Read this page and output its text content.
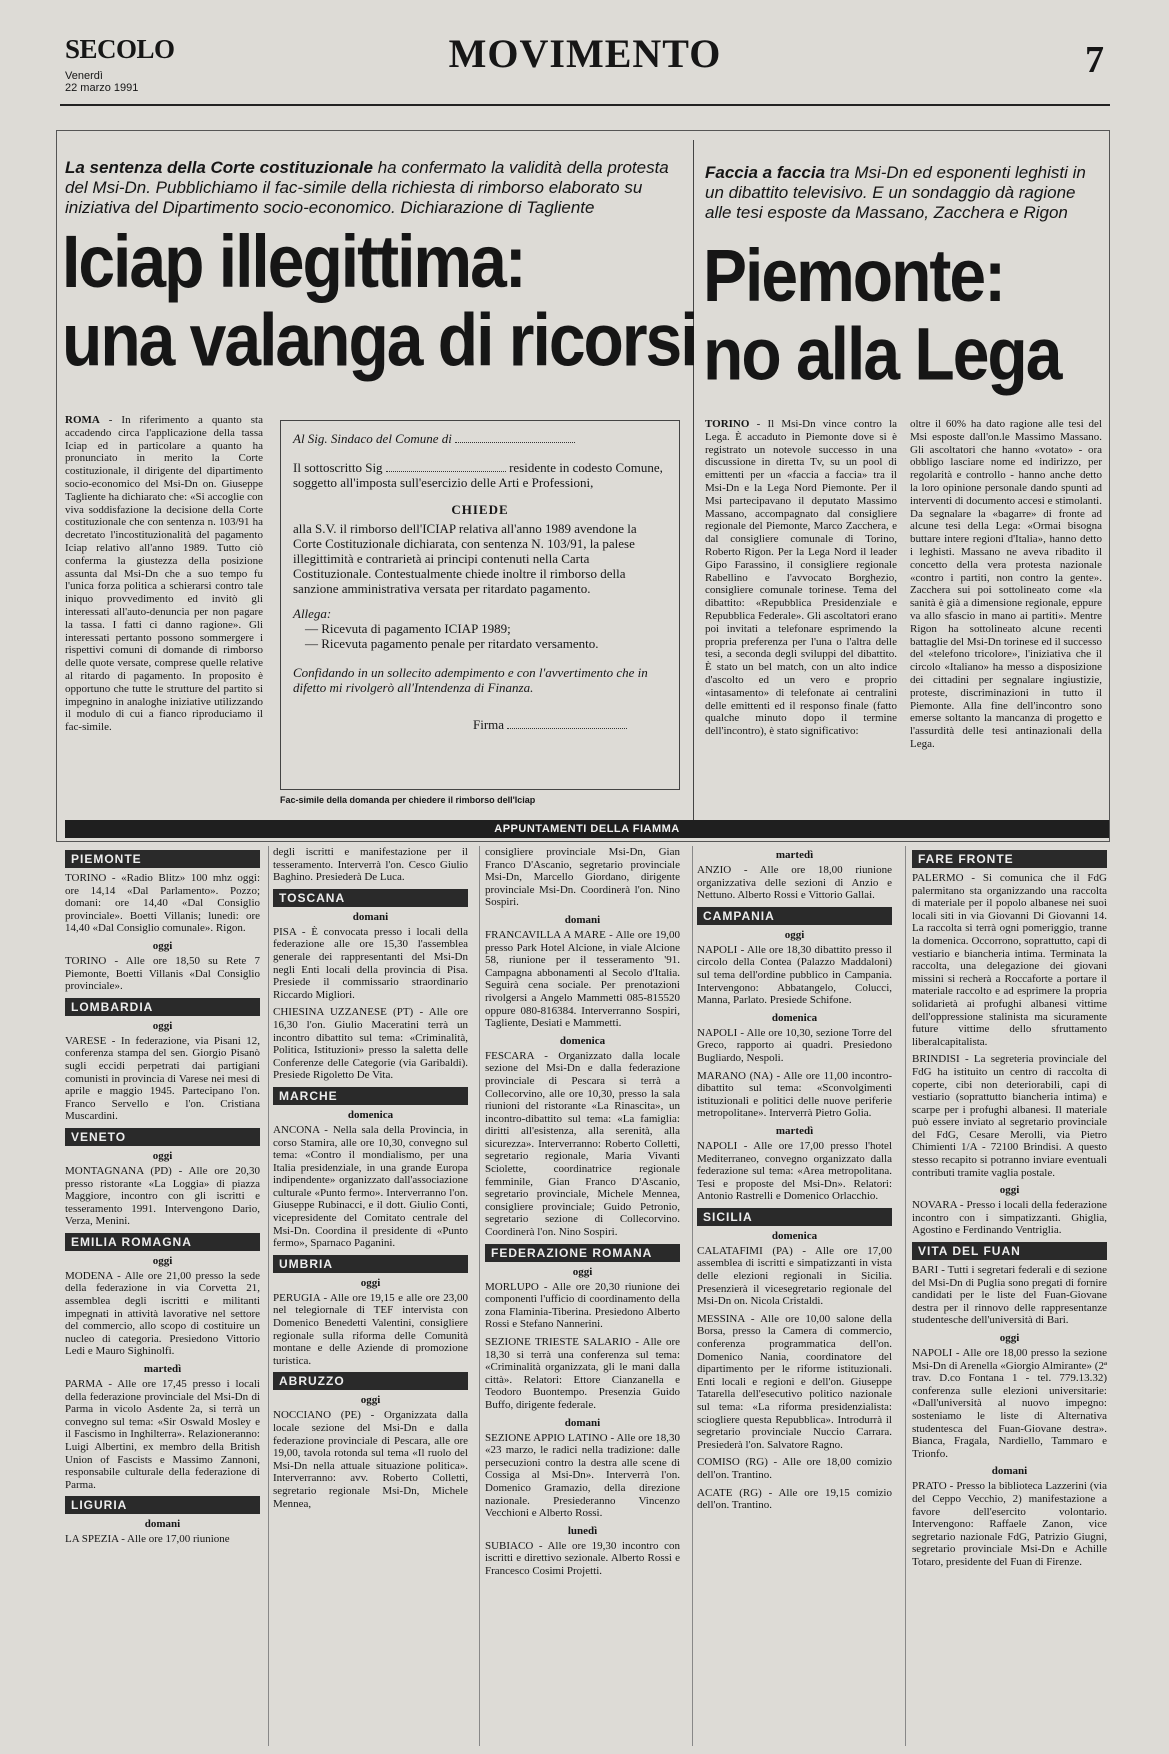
SECOLO
Venerdì
22 marzo 1991
MOVIMENTO	7
La sentenza della Corte costituzionale ha confermato la validità della protesta del Msi-Dn. Pubblichiamo il fac-simile della richiesta di rimborso elaborato su iniziativa del Dipartimento socio-economico. Dichiarazione di Tagliente
Iciap illegittima:
una valanga di ricorsi
ROMA - In riferimento a quanto sta accadendo circa l'applicazione della tassa Iciap ed in particolare a quanto ha pronunciato in merito la Corte costituzionale, il dirigente del dipartimento socio-economico del Msi-Dn on. Giuseppe Tagliente ha dichiarato che: «Si accoglie con viva soddisfazione la decisione della Corte costituzionale che con sentenza n. 103/91 ha decretato l'incostituzionalità del pagamento Iciap relativo all'anno 1989. Tutto ciò conferma la giustezza della posizione assunta dal Msi-Dn che a suo tempo fu l'unica forza politica a schierarsi contro tale iniquo provvedimento ed invitò gli interessati all'auto-denuncia per non pagare la tassa. I fatti ci danno ragione». Gli interessati pertanto possono sommergere i rispettivi comuni di domande di rimborso delle quote versate, comprese quelle relative al ritardo di pagamento. In proposito è opportuno che tutte le strutture del partito si impegnino in analoghe iniziative utilizzando il modulo di cui a fianco riproduciamo il fac-simile.
Al Sig. Sindaco del Comune di
Il sottoscritto Sig	residente in codesto Comune, soggetto all'imposta sull'esercizio delle Arti e Professioni,
CHIEDE
alla S.V. il rimborso dell'ICIAP relativa all'anno 1989 avendone la Corte Costituzionale dichiarata, con sentenza N. 103/91, la palese illegittimità e contrarietà ai principi contenuti nella Carta Costituzionale. Contestualmente chiede inoltre il rimborso della sanzione amministrativa versata per ritardato pagamento.
Allega:
— Ricevuta di pagamento ICIAP 1989;
— Ricevuta pagamento penale per ritardato versamento.
Confidando in un sollecito adempimento e con l'avvertimento che in difetto mi rivolgerò all'Intendenza di Finanza.
Firma
Fac-simile della domanda per chiedere il rimborso dell'Iciap
Faccia a faccia tra Msi-Dn ed esponenti leghisti in un dibattito televisivo. E un sondaggio dà ragione alle tesi esposte da Massano, Zacchera e Rigon
Piemonte:
no alla Lega
TORINO - Il Msi-Dn vince contro la Lega. È accaduto in Piemonte dove si è registrato un notevole successo in una discussione in diretta Tv, su un pool di emittenti per un «faccia a faccia» tra il Msi-Dn e la Lega Nord Piemonte. Per il Msi partecipavano il deputato Massimo Massano, accompagnato dal consigliere regionale del Piemonte, Marco Zacchera, e dal consigliere comunale di Torino, Roberto Rigon. Per la Lega Nord il leader Gipo Farassino, il consigliere regionale Rabellino e l'avvocato Borghezio, consigliere comunale torinese. Tema del dibattito: «Repubblica Presidenziale e Repubblica Federale». Gli ascoltatori erano poi invitati a telefonare esprimendo la propria preferenza per l'una o l'altra delle tesi, a seconda degli sviluppi del dibattito. È stato un bel match, con un alto indice d'ascolto ed un vero e proprio «intasamento» di telefonate ai centralini delle emittenti ed il responso finale (fatto qualche minuto dopo il termine dell'incontro), è stato significativo:
oltre il 60% ha dato ragione alle tesi del Msi esposte dall'on.le Massimo Massano. Gli ascoltatori che hanno «votato» - ora obbligo lasciare nome ed indirizzo, per regolarità e controllo - hanno anche detto la loro opinione personale dando spunti ad interventi di documento accesi e stimolanti. Da segnalare la «bagarre» di fronte ad alcune tesi della Lega: «Ormai bisogna buttare intere regioni d'Italia», hanno detto i leghisti. Massano ne aveva ribadito il concetto della vera protesta nazionale «contro i partiti, non contro la gente». Zacchera sui poi sottolineato come «la sanità è già a dimensione regionale, eppure va allo sfascio in mano ai partiti». Mentre Rigon ha sottolineato alcune recenti battaglie del Msi-Dn torinese ed il successo del «telefono tricolore», l'iniziativa che il circolo «Italiano» ha messo a disposizione dei cittadini per segnalare ingiustizie, proteste, discriminazioni in tutto il Piemonte. Alla fine dell'incontro sono emerse soltanto la mancanza di progetto e l'assurdità delle tesi antinazionali della Lega.
APPUNTAMENTI DELLA FIAMMA
PIEMONTE

TORINO - «Radio Blitz» 100 mhz oggi: ore 14,14 «Dal Parlamento». Pozzo; domani: ore 14,40 «Dal Consiglio provinciale». Boetti Villanis; lunedì: ore 14,40 «Dal Consiglio comunale». Rigon.

oggi

TORINO - Alle ore 18,50 su Rete 7 Piemonte, Boetti Villanis «Dal Consiglio provinciale».

LOMBARDIA
oggi

VARESE - In federazione, via Pisani 12, conferenza stampa del sen. Giorgio Pisanò sugli eccidi perpetrati dai partigiani comunisti in provincia di Varese nei mesi di aprile e maggio 1945. Partecipano l'on. Franco Servello e l'on. Cristiana Muscardini.

VENETO
oggi

MONTAGNANA (PD) - Alle ore 20,30 presso ristorante «La Loggia» di piazza Maggiore, incontro con gli iscritti e tesseramento 1991. Intervengono Dario, Verza, Menini.

EMILIA ROMAGNA
oggi

MODENA - Alle ore 21,00 presso la sede della federazione in via Corvetta 21, assemblea degli iscritti e militanti impegnati in attività lavorative nel settore del commercio, allo scopo di costituire un nucleo di categoria. Presiedono Vittorio Ledi e Mauro Sighinolfi.

martedì

PARMA - Alle ore 17,45 presso i locali della federazione provinciale del Msi-Dn di Parma in vicolo Asdente 2a, si terrà un convegno sul tema: «Sir Oswald Mosley e il Fascismo in Inghilterra». Relazioneranno: Luigi Albertini, ex membro della British Union of Fascists e Massimo Zannoni, responsabile culturale della federazione di Parma.

LIGURIA
domani

LA SPEZIA - Alle ore 17,00 riunione

degli iscritti e manifestazione per il tesseramento. Interverrà l'on. Cesco Giulio Baghino. Presiederà De Luca.

TOSCANA
domani

PISA - È convocata presso i locali della federazione alle ore 15,30 l'assemblea generale dei rappresentanti del Msi-Dn negli Enti locali della provincia di Pisa. Presiede il commissario straordinario Riccardo Migliori.

CHIESINA UZZANESE (PT) - Alle ore 16,30 l'on. Giulio Maceratini terrà un incontro dibattito sul tema: «Criminalità, Politica, Istituzioni» presso la saletta delle Conferenze delle Categorie (via Garibaldi). Presiede Rigoletto De Vita.

MARCHE
domenica

ANCONA - Nella sala della Provincia, in corso Stamira, alle ore 10,30, convegno sul tema: «Contro il mondialismo, per una Italia presidenziale, in una grande Europa indipendente» organizzato dall'associazione culturale «Punto fermo». Interverranno l'on. Giuseppe Rubinacci, e il dott. Giulio Conti, vicepresidente del Comitato centrale del Msi-Dn. Coordina il presidente di «Punto fermo», Sparnaco Paganini.

UMBRIA
oggi

PERUGIA - Alle ore 19,15 e alle ore 23,00 nel telegiornale di TEF intervista con Domenico Benedetti Valentini, consigliere regionale sulla riforma delle Comunità montane e delle Aziende di promozione turistica.

ABRUZZO
oggi

NOCCIANO (PE) - Organizzata dalla locale sezione del Msi-Dn e dalla federazione provinciale di Pescara, alle ore 19,00, tavola rotonda sul tema «Il ruolo del Msi-Dn nella attuale situazione politica». Interverranno: avv. Roberto Colletti, segretario regionale Msi-Dn, Michele Mennea,

consigliere provinciale Msi-Dn, Gian Franco D'Ascanio, segretario provinciale Msi-Dn, Marcello Giordano, dirigente provinciale Msi-Dn. Coordinerà l'on. Nino Sospiri.

domani

FRANCAVILLA A MARE - Alle ore 19,00 presso Park Hotel Alcione, in viale Alcione 58, riunione per il tesseramento '91. Campagna abbonamenti al Secolo d'Italia. Seguirà cena sociale. Per prenotazioni rivolgersi a Angelo Mammetti 085-815520 oppure 080-816384. Interverranno Sospiri, Tagliente, Desiati e Mammetti.

domenica

FESCARA - Organizzato dalla locale sezione del Msi-Dn e dalla federazione provinciale di Pescara si terrà a Collecorvino, alle ore 10,30, presso la sala riunioni del ristorante «La Rinascita», un incontro-dibattito sul tema: «La famiglia: diritti all'esistenza, alla serenità, alla sicurezza». Interverranno: Roberto Colletti, segretario regionale, Maria Vivanti Sciolette, coordinatrice regionale femminile, Gian Franco D'Ascanio, segretario provinciale, Michele Mennea, consigliere provinciale; Guido Petronio, segretario sezione di Collecorvino. Coordinerà l'on. Nino Sospiri.

FEDERAZIONE ROMANA
oggi

MORLUPO - Alle ore 20,30 riunione dei componenti l'ufficio di coordinamento della zona Flaminia-Tiberina. Presiedono Alberto Rossi e Stefano Nannerini.

SEZIONE TRIESTE SALARIO - Alle ore 18,30 si terrà una conferenza sul tema: «Criminalità organizzata, gli le mani dalla città». Relatori: Ettore Cianzanella e Teodoro Buontempo. Presenzia Guido Buffo, dirigente federale.

domani

SEZIONE APPIO LATINO - Alle ore 18,30 «23 marzo, le radici nella tradizione: dalle persecuzioni contro la destra alle scene di Cossiga al Msi-Dn». Interverrà l'on. Domenico Gramazio, della direzione nazionale. Presiederanno Vincenzo Vecchioni e Alberto Rossi.

lunedì

SUBIACO - Alle ore 19,30 incontro con iscritti e direttivo sezionale. Alberto Rossi e Francesco Cosimi Projetti.

martedì

ANZIO - Alle ore 18,00 riunione organizzativa delle sezioni di Anzio e Nettuno. Alberto Rossi e Vittorio Gallai.

CAMPANIA
oggi

NAPOLI - Alle ore 18,30 dibattito presso il circolo della Contea (Palazzo Maddaloni) sul tema dell'ordine pubblico in Campania. Intervengono: Abbatangelo, Colucci, Manna, Parlato. Presiede Schifone.

domenica

NAPOLI - Alle ore 10,30, sezione Torre del Greco, rapporto ai quadri. Presiedono Bugliardo, Nespoli.

MARANO (NA) - Alle ore 11,00 incontro-dibattito sul tema: «Sconvolgimenti istituzionali e politici delle nuove periferie metropolitane». Interverrà Pietro Golia.

martedì

NAPOLI - Alle ore 17,00 presso l'hotel Mediterraneo, convegno organizzato dalla federazione sul tema: «Area metropolitana. Tesi e proposte del Msi-Dn». Relatori: Antonio Rastrelli e Domenico Orlacchio.

SICILIA
domenica

CALATAFIMI (PA) - Alle ore 17,00 assemblea di iscritti e simpatizzanti in vista delle elezioni regionali in Sicilia. Presenzierà il vicesegretario regionale del Msi-Dn on. Nicola Cristaldi.

MESSINA - Alle ore 10,00 salone della Borsa, presso la Camera di commercio, conferenza programmatica dell'on. Domenico Nania, coordinatore del dipartimento per le riforme istituzionali. Enti locali e regioni e dell'on. Giuseppe Tatarella dell'esecutivo politico nazionale sul tema: «La riforma presidenzialista: sciogliere questa Repubblica». Introdurrà il segretario provinciale Nuccio Carrara. Presiederà l'on. Salvatore Ragno.

COMISO (RG) - Alle ore 18,00 comizio dell'on. Trantino.

ACATE (RG) - Alle ore 19,15 comizio dell'on. Trantino.

FARE FRONTE

PALERMO - Si comunica che il FdG palermitano sta organizzando una raccolta di materiale per il popolo albanese nei suoi locali siti in via Giovanni Di Giovanni 14. La raccolta si terrà ogni pomeriggio, tranne la domenica. Occorrono, soprattutto, capi di vestiario e biancheria intima. Terminata la raccolta, una delegazione dei giovani missini si recherà a Roccaforte a portare il materiale raccolto e ad esprimere la propria solidarietà ai profughi albanesi vittime dell'oppressione stalinista ma sicuramente future vittime dello sfruttamento liberalcapitalista.

BRINDISI - La segreteria provinciale del FdG ha istituito un centro di raccolta di coperte, cibi non deteriorabili, capi di vestiario (soprattutto biancheria intima) e scarpe per i profughi albanesi. Il materiale può essere inviato al segretario provinciale del FdG, Cesare Merolli, via Pietro Chimienti 1/A - 72100 Brindisi. A questo stesso recapito si potranno inviare eventuali contributi tramite vaglia postale.

oggi

NOVARA - Presso i locali della federazione incontro con i simpatizzanti. Ghiglia, Agostino e Ferdinando Ventriglia.

VITA DEL FUAN

BARI - Tutti i segretari federali e di sezione del Msi-Dn di Puglia sono pregati di fornire candidati per le liste del Fuan-Giovane destra per il rinnovo delle rappresentanze studentesche dell'università di Bari.

oggi

NAPOLI - Alle ore 18,00 presso la sezione Msi-Dn di Arenella «Giorgio Almirante» (2ª trav. D.co Fontana 1 - tel. 779.13.32) conferenza sulle elezioni universitarie: «Dall'università al nuovo impegno: sosteniamo le liste di Alternativa studentesca del Fuan-Giovane destra». Bianca, Fragala, Nardiello, Tammaro e Trionfo.

domani

PRATO - Presso la biblioteca Lazzerini (via del Ceppo Vecchio, 2) manifestazione a favore dell'esercito volontario. Intervengono: Raffaele Zanon, vice segretario nazionale FdG, Patrizio Giugni, segretario provinciale Msi-Dn e Achille Totaro, presidente del Fuan di Firenze.
